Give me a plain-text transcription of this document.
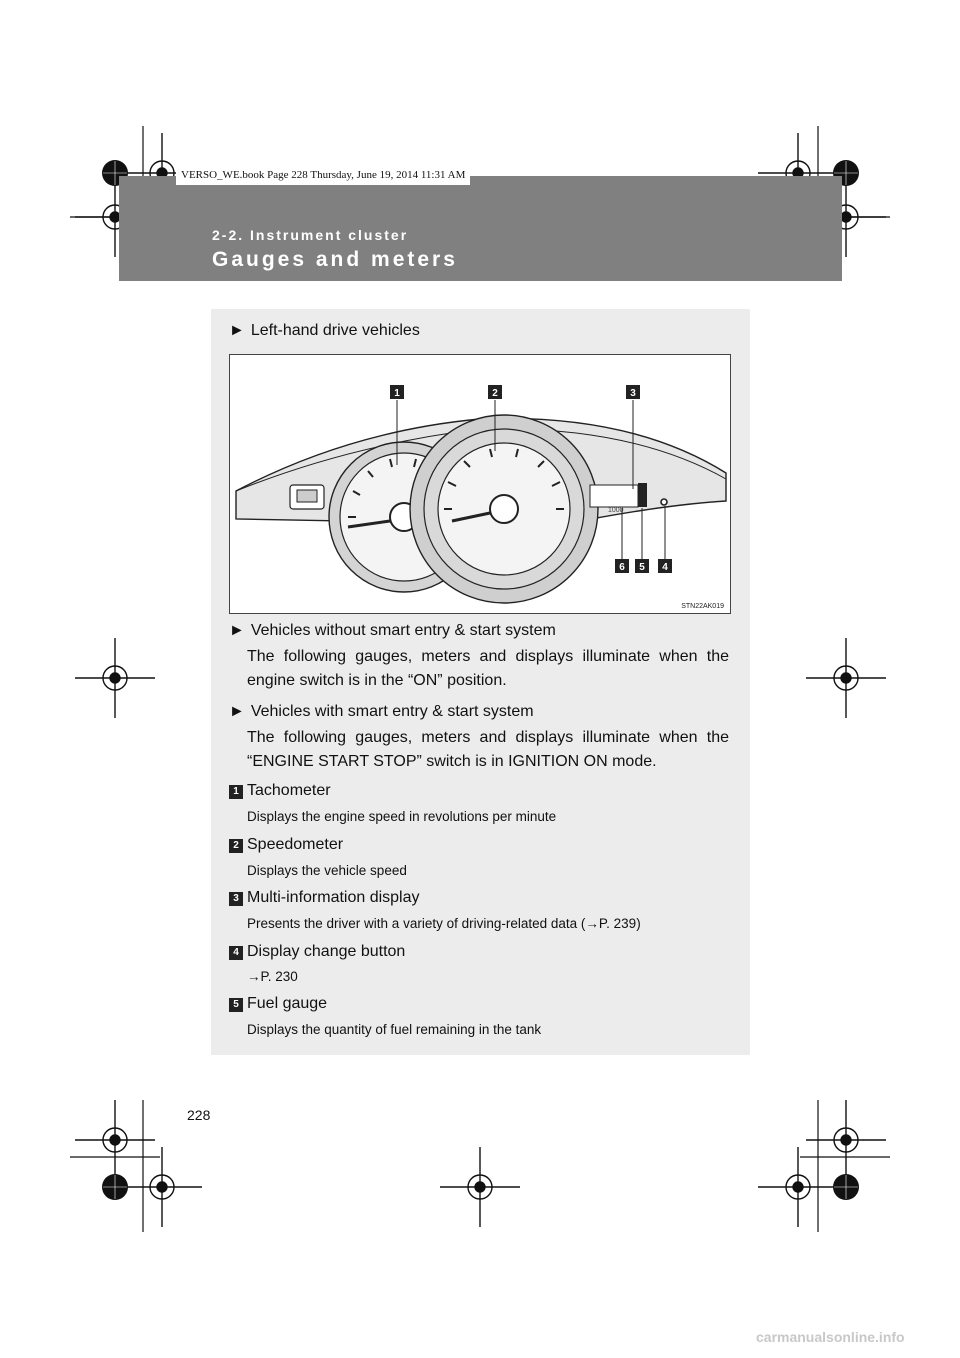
VERSO_WE.book Page 228 Thursday, June 19, 2014 11:31 AM
2-2. Instrument cluster
Gauges and meters
► Left-hand drive vehicles
1000
1	2	3
4
5
6
STN22AK019
► Vehicles without smart entry & start system
The following gauges, meters and displays illuminate when the engine switch is in the “ON” position.
► Vehicles with smart entry & start system
The following gauges, meters and displays illuminate when the “ENGINE START STOP” switch is in IGNITION ON mode.
1 Tachometer
Displays the engine speed in revolutions per minute
2 Speedometer
Displays the vehicle speed
3 Multi-information display
Presents the driver with a variety of driving-related data (→P. 239)
4 Display change button
→P. 230
5 Fuel gauge
Displays the quantity of fuel remaining in the tank
228
carmanualsonline.info
